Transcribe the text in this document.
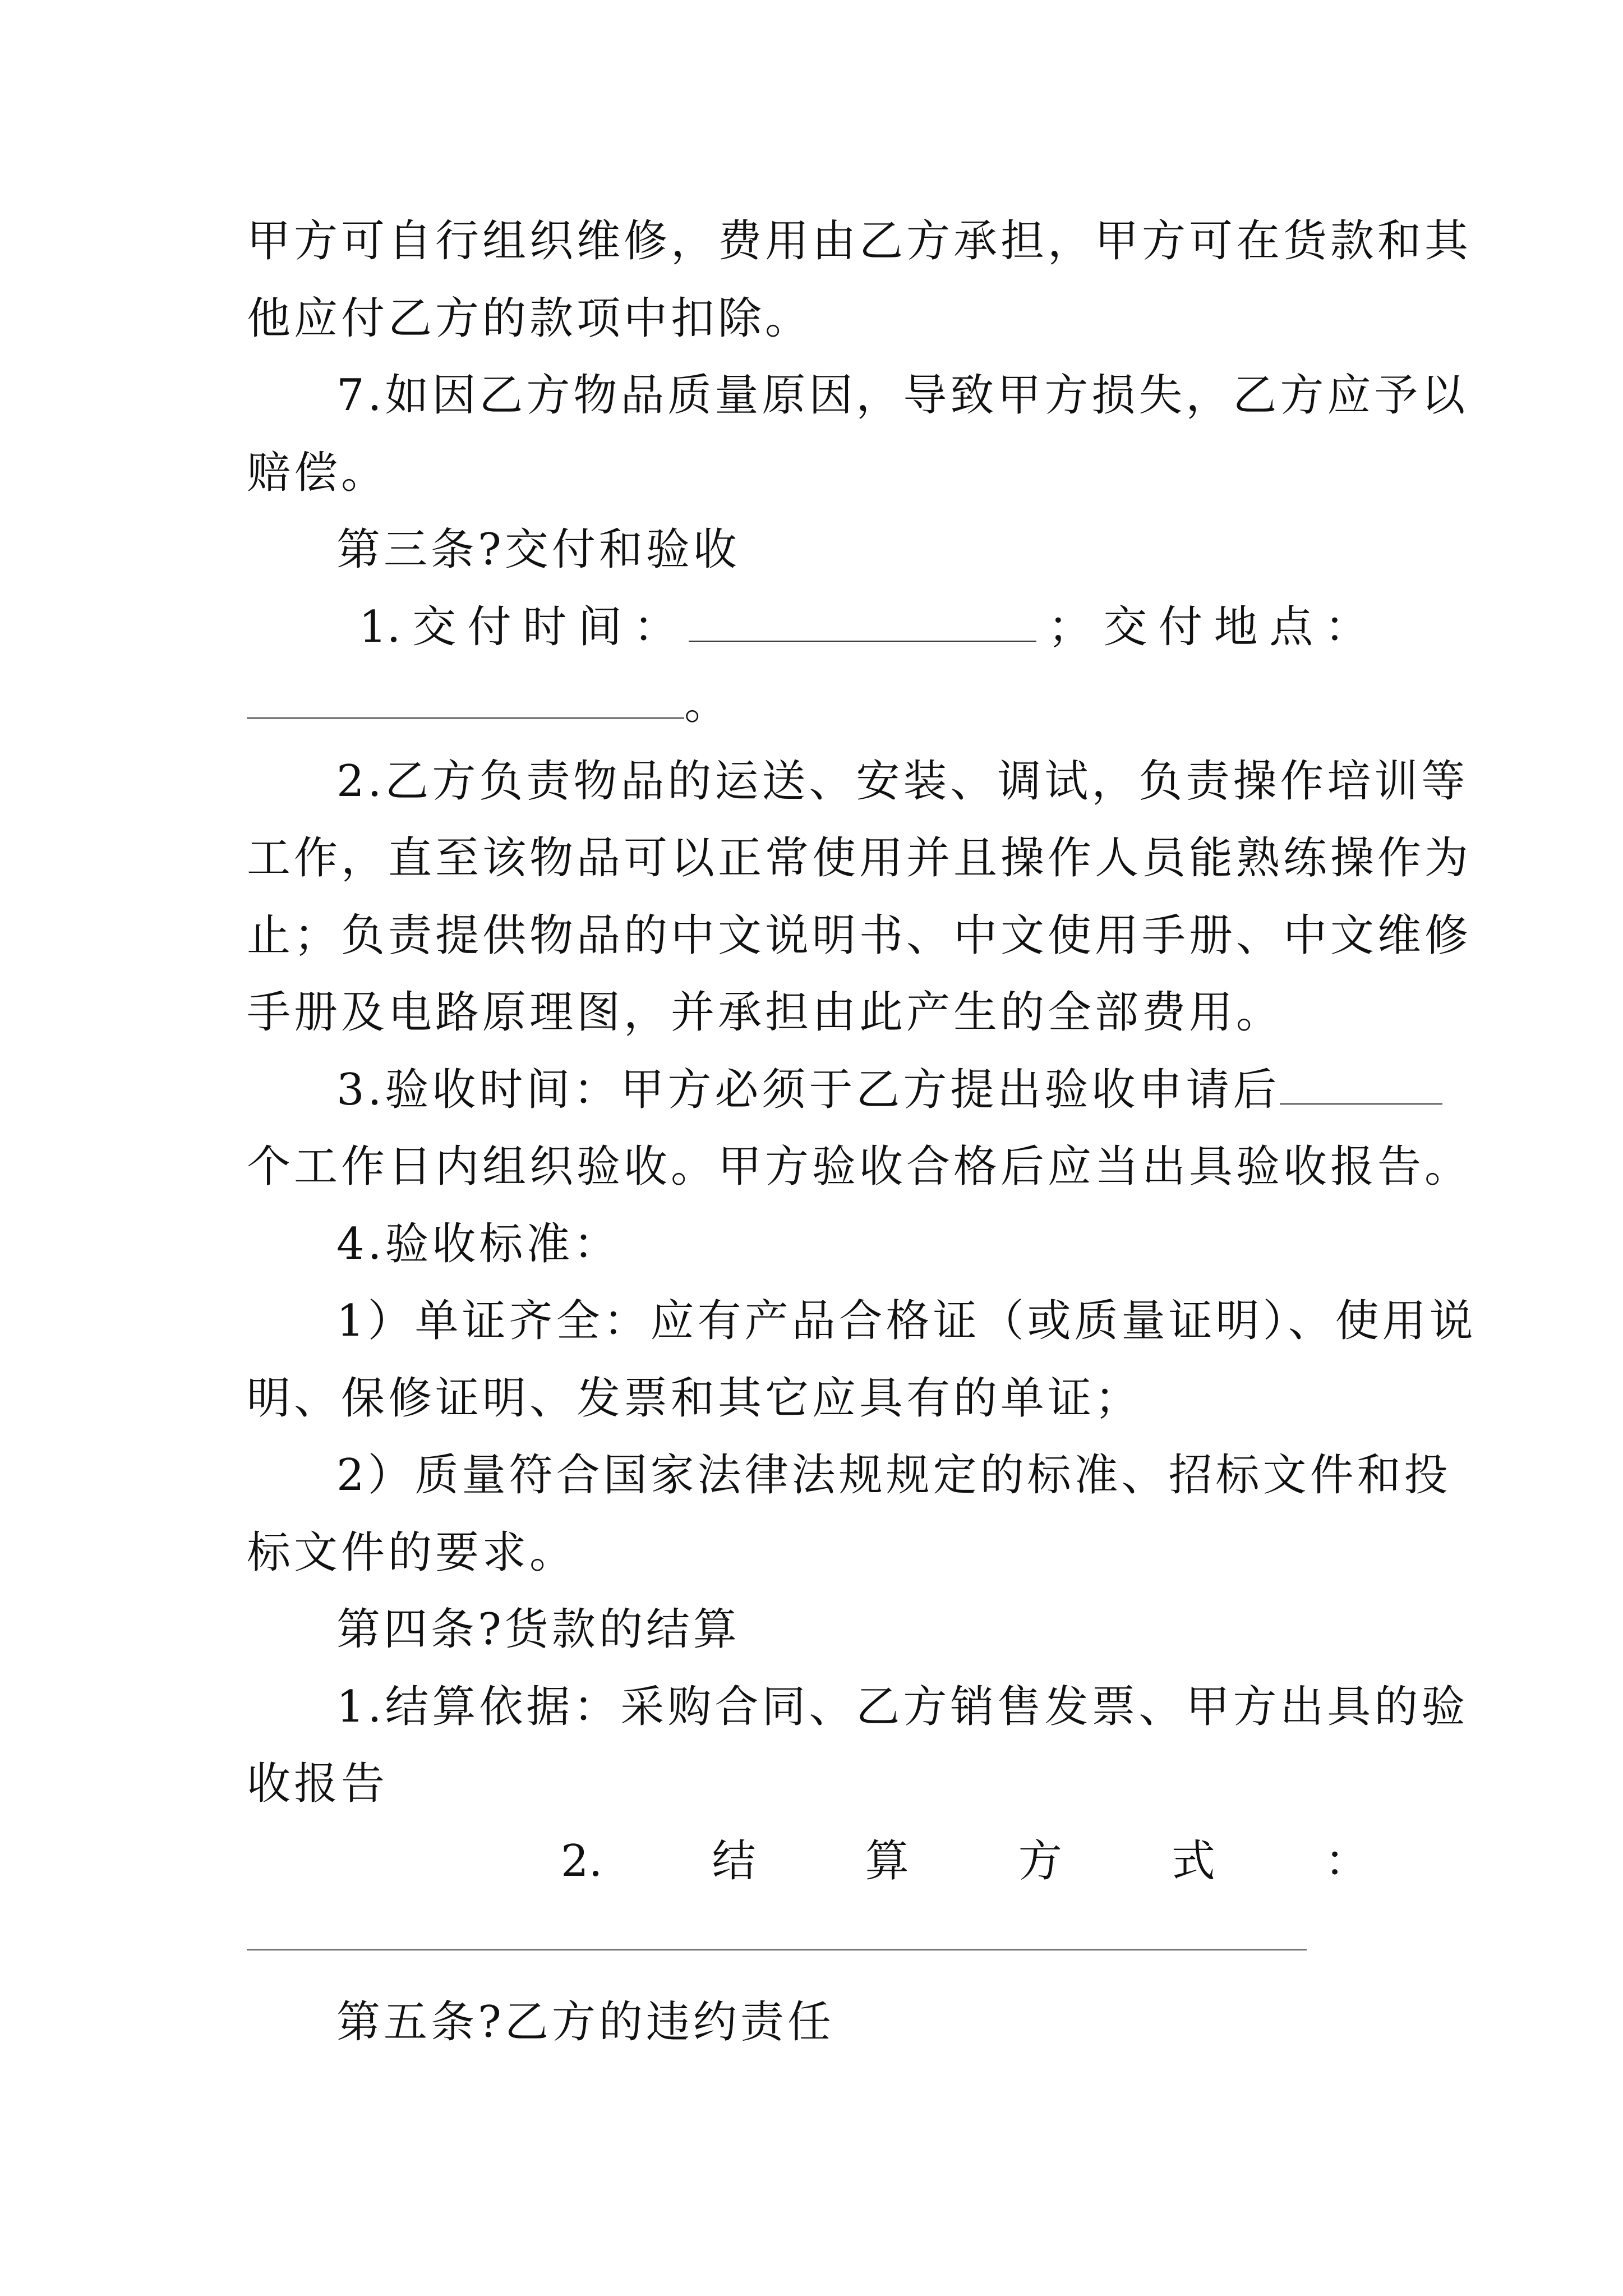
甲方可自行组织维修，费用由乙方承担，甲方可在货款和其
他应付乙方的款项中扣除。
7.如因乙方物品质量原因，导致甲方损失，乙方应予以
赔偿。
第三条?交付和验收
1. 交 付 时 间 ：	； 交 付 地 点 ：
。
2.乙方负责物品的运送、安装、调试，负责操作培训等
工作，直至该物品可以正常使用并且操作人员能熟练操作为
止；负责提供物品的中文说明书、中文使用手册、中文维修
手册及电路原理图，并承担由此产生的全部费用。
3.验收时间：甲方必须于乙方提出验收申请后
个工作日内组织验收。甲方验收合格后应当出具验收报告。
4.验收标准：
1）单证齐全：应有产品合格证（或质量证明）、使用说
明、保修证明、发票和其它应具有的单证；
2）质量符合国家法律法规规定的标准、招标文件和投
标文件的要求。
第四条?货款的结算
1.结算依据：采购合同、乙方销售发票、甲方出具的验
收报告
2.	结	算	方	式	：
第五条?乙方的违约责任
